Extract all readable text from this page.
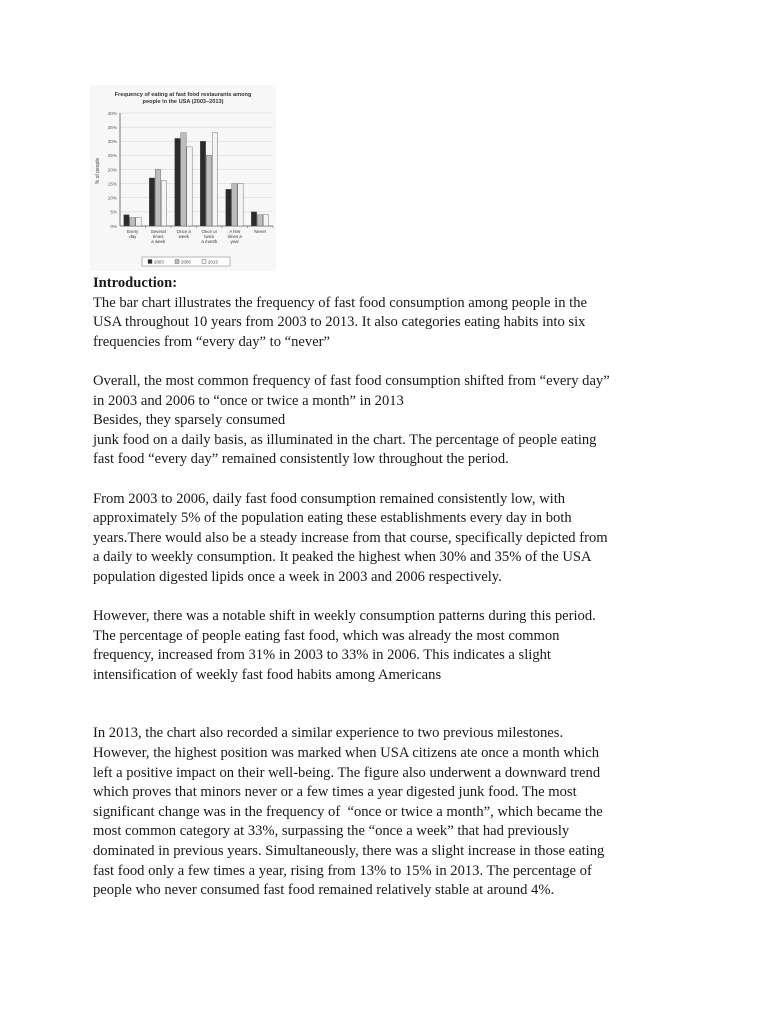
Frequency of eating at fast food restaurants among
people in the USA (2003–2013)
0%
5%
10%
15%
20%
25%
30%
35%
40%
% of people
Every
day
Several
times
a week
Once a
week
Once or
twice
a month
A few
times a
year
Never
2003	2006	2013

Introduction:

The bar chart illustrates the frequency of fast food consumption among people in the

USA throughout 10 years from 2003 to 2013. It also categories eating habits into six

frequencies from “every day” to “never”

Overall, the most common frequency of fast food consumption shifted from “every day”

in 2003 and 2006 to “once or twice a month” in 2013

Besides, they sparsely consumed

junk food on a daily basis, as illuminated in the chart. The percentage of people eating

fast food “every day” remained consistently low throughout the period.

From 2003 to 2006, daily fast food consumption remained consistently low, with

approximately 5% of the population eating these establishments every day in both

years.There would also be a steady increase from that course, specifically depicted from

a daily to weekly consumption. It peaked the highest when 30% and 35% of the USA

population digested lipids once a week in 2003 and 2006 respectively.

However, there was a notable shift in weekly consumption patterns during this period.

The percentage of people eating fast food, which was already the most common

frequency, increased from 31% in 2003 to 33% in 2006. This indicates a slight

intensification of weekly fast food habits among Americans

In 2013, the chart also recorded a similar experience to two previous milestones.

However, the highest position was marked when USA citizens ate once a month which

left a positive impact on their well-being. The figure also underwent a downward trend

which proves that minors never or a few times a year digested junk food. The most

significant change was in the frequency of  “once or twice a month”, which became the

most common category at 33%, surpassing the “once a week” that had previously

dominated in previous years. Simultaneously, there was a slight increase in those eating

fast food only a few times a year, rising from 13% to 15% in 2013. The percentage of

people who never consumed fast food remained relatively stable at around 4%.
